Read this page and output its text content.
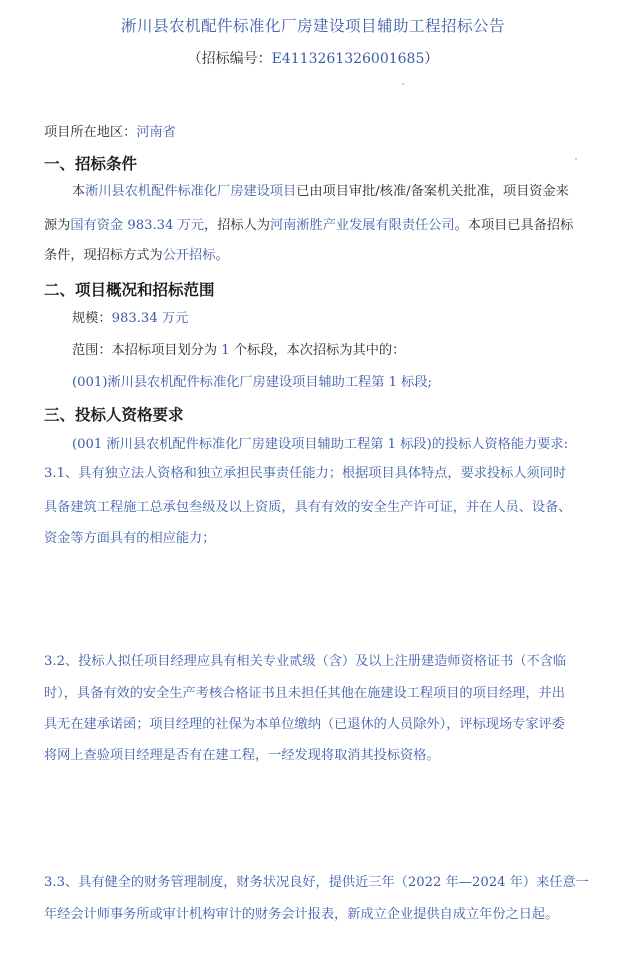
淅川县农机配件标准化厂房建设项目辅助工程招标公告
（招标编号：E4113261326001685）
项目所在地区：河南省
一、招标条件
本淅川县农机配件标准化厂房建设项目已由项目审批/核准/备案机关批准，项目资金来
源为国有资金 983.34 万元，招标人为河南淅胜产业发展有限责任公司。本项目已具备招标
条件，现招标方式为公开招标。
二、项目概况和招标范围
规模：983.34 万元
范围：本招标项目划分为 1 个标段，本次招标为其中的：
(001)淅川县农机配件标准化厂房建设项目辅助工程第 1 标段;
三、投标人资格要求
(001 淅川县农机配件标准化厂房建设项目辅助工程第 1 标段)的投标人资格能力要求:
3.1、具有独立法人资格和独立承担民事责任能力；根据项目具体特点，要求投标人须同时
具备建筑工程施工总承包叁级及以上资质，具有有效的安全生产许可证，并在人员、设备、
资金等方面具有的相应能力；
3.2、投标人拟任项目经理应具有相关专业贰级（含）及以上注册建造师资格证书（不含临
时），具备有效的安全生产考核合格证书且未担任其他在施建设工程项目的项目经理，并出
具无在建承诺函；项目经理的社保为本单位缴纳（已退休的人员除外），评标现场专家评委
将网上查验项目经理是否有在建工程，一经发现将取消其投标资格。
3.3、具有健全的财务管理制度，财务状况良好，提供近三年（2022 年—2024 年）来任意一
年经会计师事务所或审计机构审计的财务会计报表，新成立企业提供自成立年份之日起。
